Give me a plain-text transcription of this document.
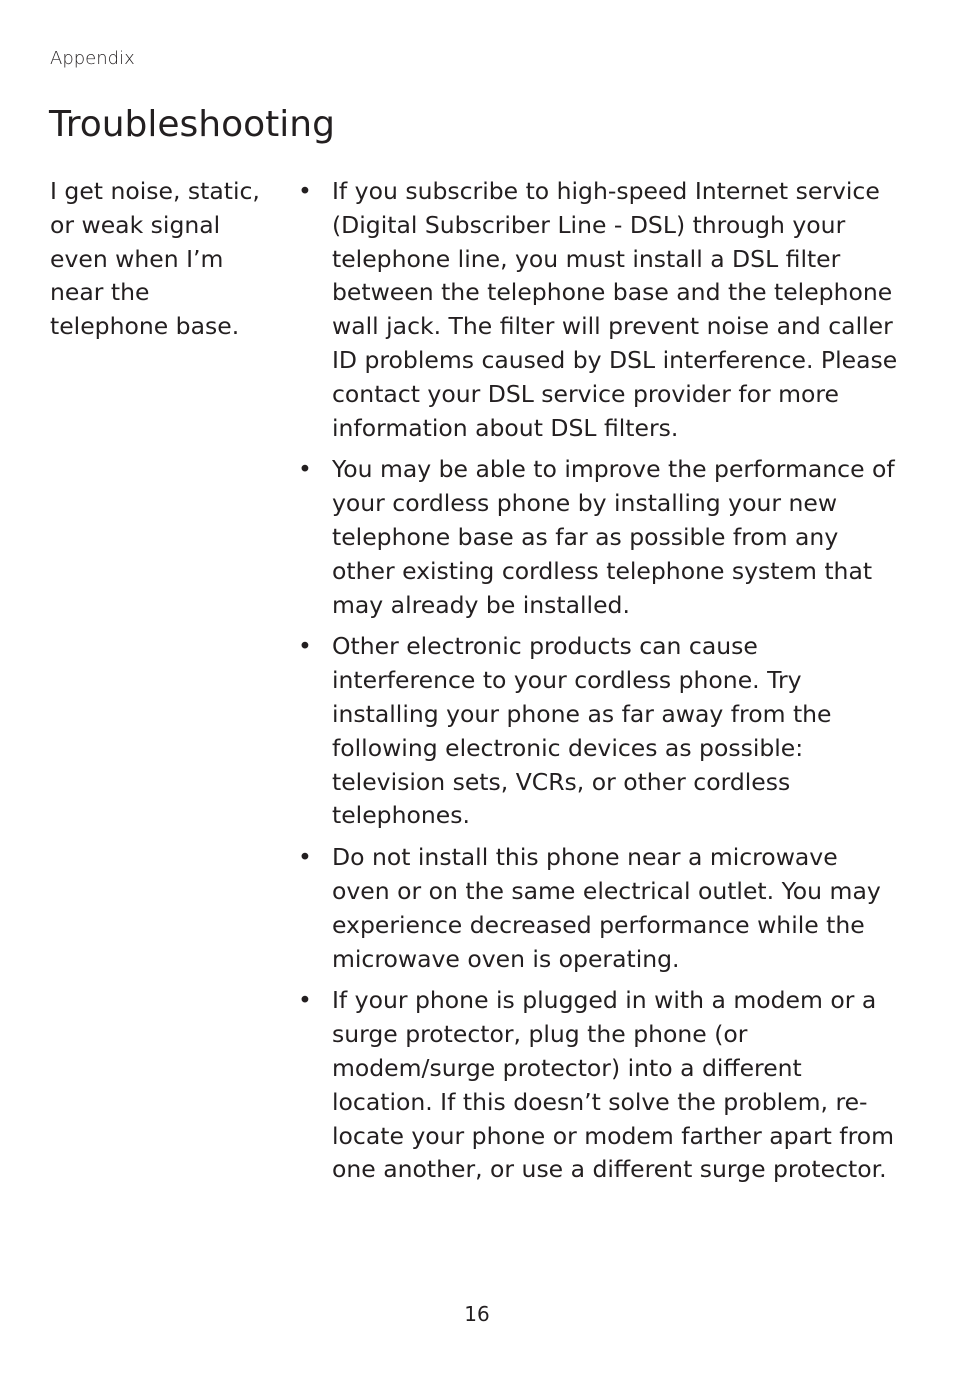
Appendix
Troubleshooting

I get noise, static, or weak signal even when I’m near the telephone base.

• If you subscribe to high-speed Internet service (Digital Subscriber Line - DSL) through your telephone line, you must install a DSL filter between the telephone base and the telephone wall jack. The filter will prevent noise and caller ID problems caused by DSL interference. Please contact your DSL service provider for more information about DSL filters.
• You may be able to improve the performance of your cordless phone by installing your new telephone base as far as possible from any other existing cordless telephone system that may already be installed.
• Other electronic products can cause interference to your cordless phone. Try installing your phone as far away from the following electronic devices as possible: television sets, VCRs, or other cordless telephones.
• Do not install this phone near a microwave oven or on the same electrical outlet. You may experience decreased performance while the microwave oven is operating.
• If your phone is plugged in with a modem or a surge protector, plug the phone (or modem/surge protector) into a different location. If this doesn’t solve the problem, re-locate your phone or modem farther apart from one another, or use a different surge protector.
16
